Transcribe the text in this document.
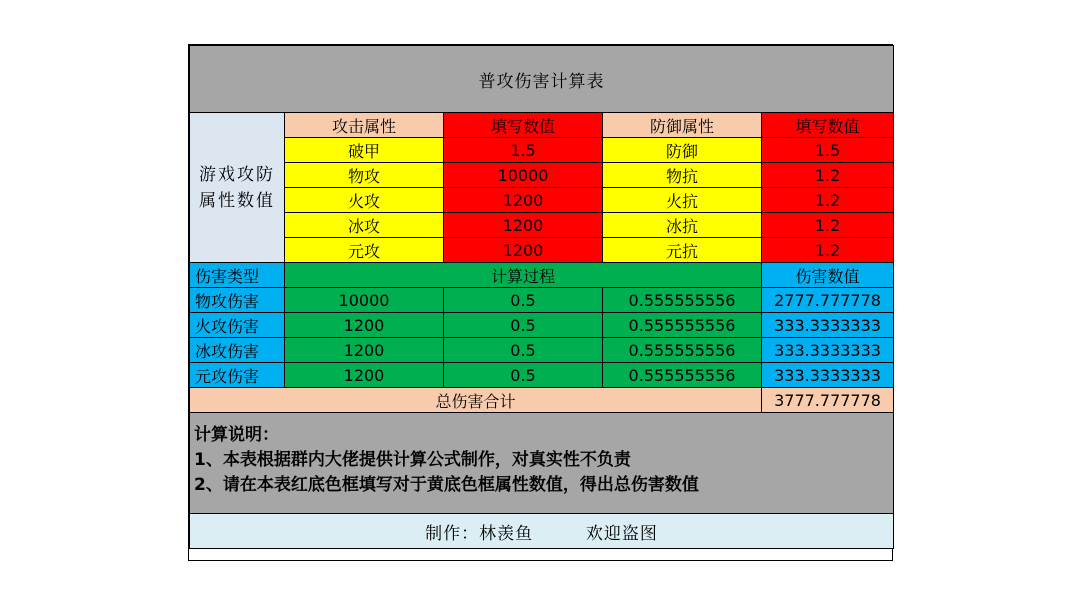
普攻伤害计算表				
游戏攻防属性数值	攻击属性	填写数值	防御属性	填写数值
	破甲	1.5	防御	1.5
	物攻	10000	物抗	1.2
	火攻	1200	火抗	1.2
	冰攻	1200	冰抗	1.2
	元攻	1200	元抗	1.2
伤害类型	计算过程			伤害数值
物攻伤害	10000	0.5	0.555555556	2777.777778
火攻伤害	1200	0.5	0.555555556	333.3333333
冰攻伤害	1200	0.5	0.555555556	333.3333333
元攻伤害	1200	0.5	0.555555556	333.3333333
总伤害合计				3777.777778

计算说明：
1、本表根据群内大佬提供计算公式制作，对真实性不负责
2、请在本表红底色框填写对于黄底色框属性数值，得出总伤害数值				

制作：林羡鱼 欢迎盗图				
